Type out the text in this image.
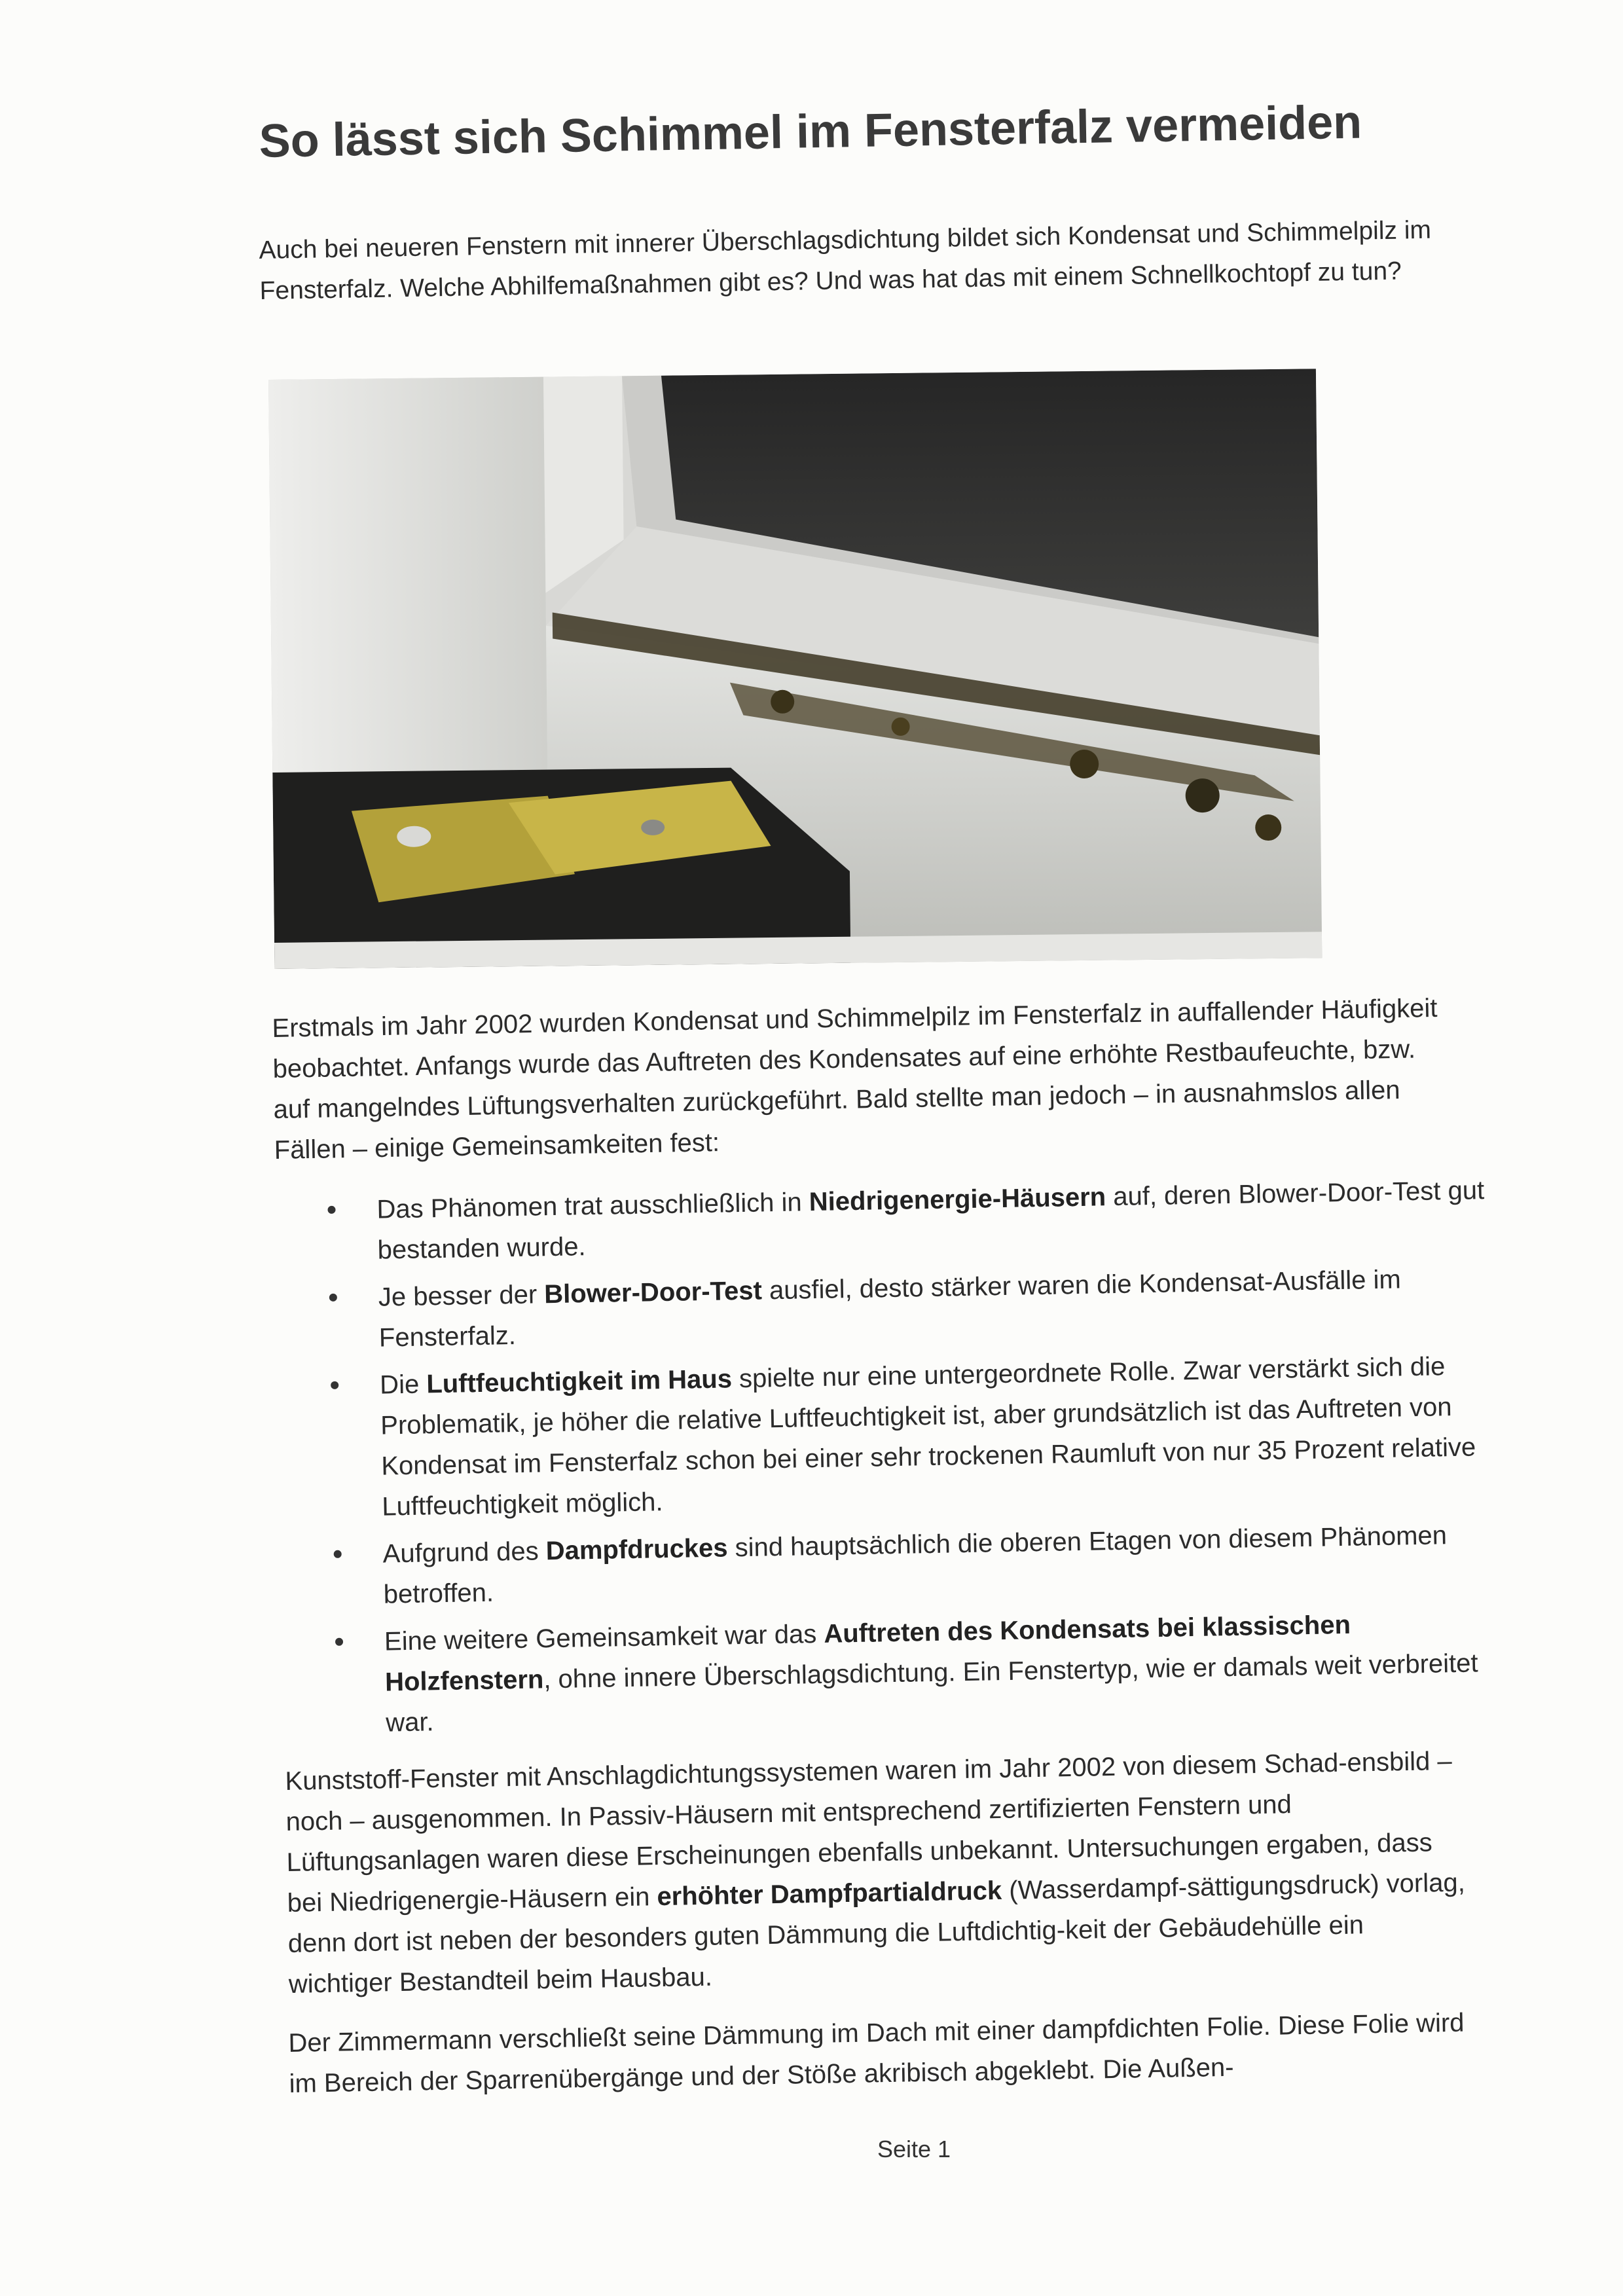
So lässt sich Schimmel im Fensterfalz vermeiden

Auch bei neueren Fenstern mit innerer Überschlagsdichtung bildet sich Kondensat und Schimmelpilz im Fensterfalz. Welche Abhilfemaßnahmen gibt es? Und was hat das mit einem Schnellkochtopf zu tun?

Erstmals im Jahr 2002 wurden Kondensat und Schimmelpilz im Fensterfalz in auffallender Häufigkeit beobachtet. Anfangs wurde das Auftreten des Kondensates auf eine erhöhte Restbaufeuchte, bzw. auf mangelndes Lüftungsverhalten zurückgeführt. Bald stellte man jedoch – in ausnahmslos allen Fällen – einige Gemeinsamkeiten fest:

Das Phänomen trat ausschließlich in Niedrigenergie-Häusern auf, deren Blower-Door-Test gut bestanden wurde.
Je besser der Blower-Door-Test ausfiel, desto stärker waren die Kondensat-Ausfälle im Fensterfalz.
Die Luftfeuchtigkeit im Haus spielte nur eine untergeordnete Rolle. Zwar verstärkt sich die Problematik, je höher die relative Luftfeuchtigkeit ist, aber grundsätzlich ist das Auftreten von Kondensat im Fensterfalz schon bei einer sehr trockenen Raumluft von nur 35 Prozent relative Luftfeuchtigkeit möglich.
Aufgrund des Dampfdruckes sind hauptsächlich die oberen Etagen von diesem Phänomen betroffen.
Eine weitere Gemeinsamkeit war das Auftreten des Kondensats bei klassischen Holzfenstern, ohne innere Überschlagsdichtung. Ein Fenstertyp, wie er damals weit verbreitet war.

Kunststoff-Fenster mit Anschlagdichtungssystemen waren im Jahr 2002 von diesem Schad-ensbild – noch – ausgenommen. In Passiv-Häusern mit entsprechend zertifizierten Fenstern und Lüftungsanlagen waren diese Erscheinungen ebenfalls unbekannt. Untersuchungen ergaben, dass bei Niedrigenergie-Häusern ein erhöhter Dampfpartialdruck (Wasserdampf-sättigungsdruck) vorlag, denn dort ist neben der besonders guten Dämmung die Luftdichtig-keit der Gebäudehülle ein wichtiger Bestandteil beim Hausbau.

Der Zimmermann verschließt seine Dämmung im Dach mit einer dampfdichten Folie. Diese Folie wird im Bereich der Sparrenübergänge und der Stöße akribisch abgeklebt. Die Außen-

Seite 1
